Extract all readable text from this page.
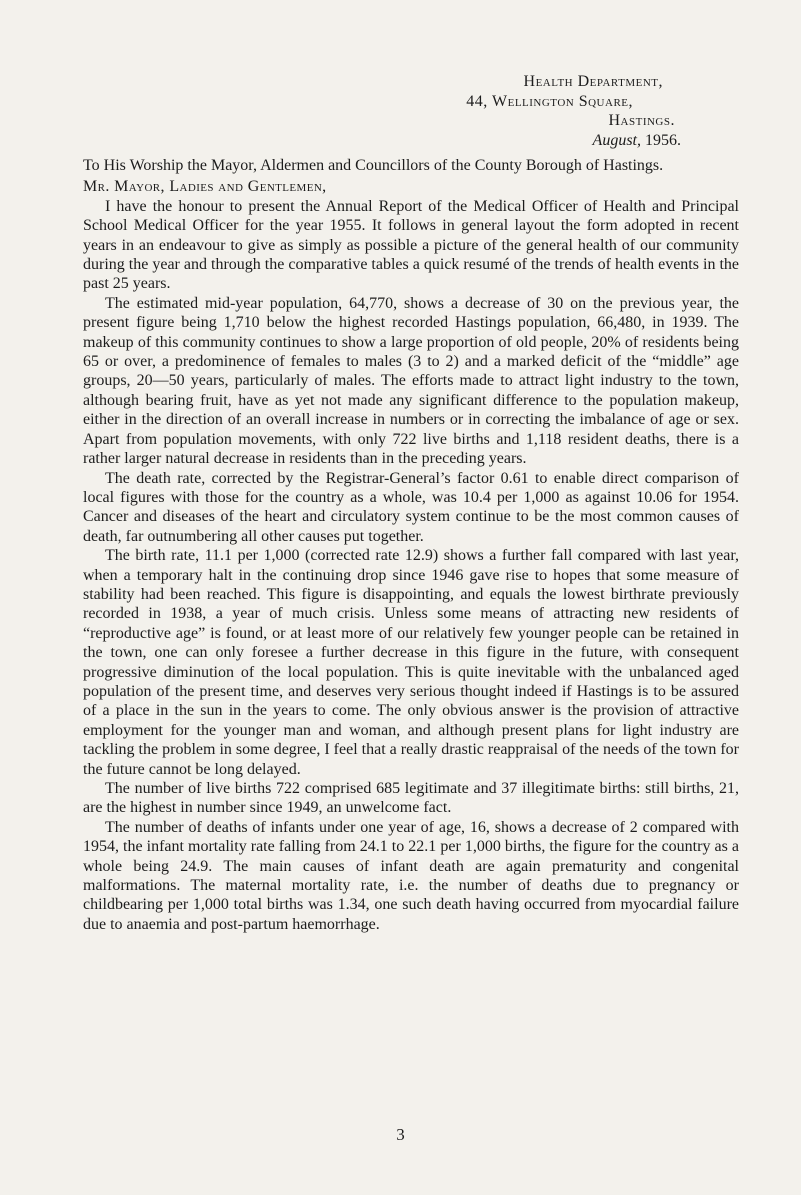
Health Department,
44, Wellington Square,
Hastings.
August, 1956.
To His Worship the Mayor, Aldermen and Councillors of the County Borough of Hastings.
Mr. Mayor, Ladies and Gentlemen,

I have the honour to present the Annual Report of the Medical Officer of Health and Principal School Medical Officer for the year 1955. It follows in general layout the form adopted in recent years in an endeavour to give as simply as possible a picture of the general health of our community during the year and through the comparative tables a quick resumé of the trends of health events in the past 25 years.

The estimated mid-year population, 64,770, shows a decrease of 30 on the previous year, the present figure being 1,710 below the highest recorded Hastings population, 66,480, in 1939. The makeup of this community continues to show a large proportion of old people, 20% of residents being 65 or over, a predominence of females to males (3 to 2) and a marked deficit of the “middle” age groups, 20—50 years, particularly of males. The efforts made to attract light industry to the town, although bearing fruit, have as yet not made any significant difference to the population makeup, either in the direction of an overall increase in numbers or in correcting the imbalance of age or sex. Apart from population movements, with only 722 live births and 1,118 resident deaths, there is a rather larger natural decrease in residents than in the preceding years.

The death rate, corrected by the Registrar-General’s factor 0.61 to enable direct comparison of local figures with those for the country as a whole, was 10.4 per 1,000 as against 10.06 for 1954. Cancer and diseases of the heart and circulatory system continue to be the most common causes of death, far outnumbering all other causes put together.

The birth rate, 11.1 per 1,000 (corrected rate 12.9) shows a further fall compared with last year, when a temporary halt in the continuing drop since 1946 gave rise to hopes that some measure of stability had been reached. This figure is disappointing, and equals the lowest birthrate previously recorded in 1938, a year of much crisis. Unless some means of attracting new residents of “reproductive age” is found, or at least more of our relatively few younger people can be retained in the town, one can only foresee a further decrease in this figure in the future, with consequent progressive diminution of the local population. This is quite inevitable with the unbalanced aged population of the present time, and deserves very serious thought indeed if Hastings is to be assured of a place in the sun in the years to come. The only obvious answer is the provision of attractive employment for the younger man and woman, and although present plans for light industry are tackling the problem in some degree, I feel that a really drastic reappraisal of the needs of the town for the future cannot be long delayed.

The number of live births 722 comprised 685 legitimate and 37 illegitimate births: still births, 21, are the highest in number since 1949, an unwelcome fact.

The number of deaths of infants under one year of age, 16, shows a decrease of 2 compared with 1954, the infant mortality rate falling from 24.1 to 22.1 per 1,000 births, the figure for the country as a whole being 24.9. The main causes of infant death are again prematurity and congenital malformations. The maternal mortality rate, i.e. the number of deaths due to pregnancy or childbearing per 1,000 total births was 1.34, one such death having occurred from myocardial failure due to anaemia and post-partum haemorrhage.

3
